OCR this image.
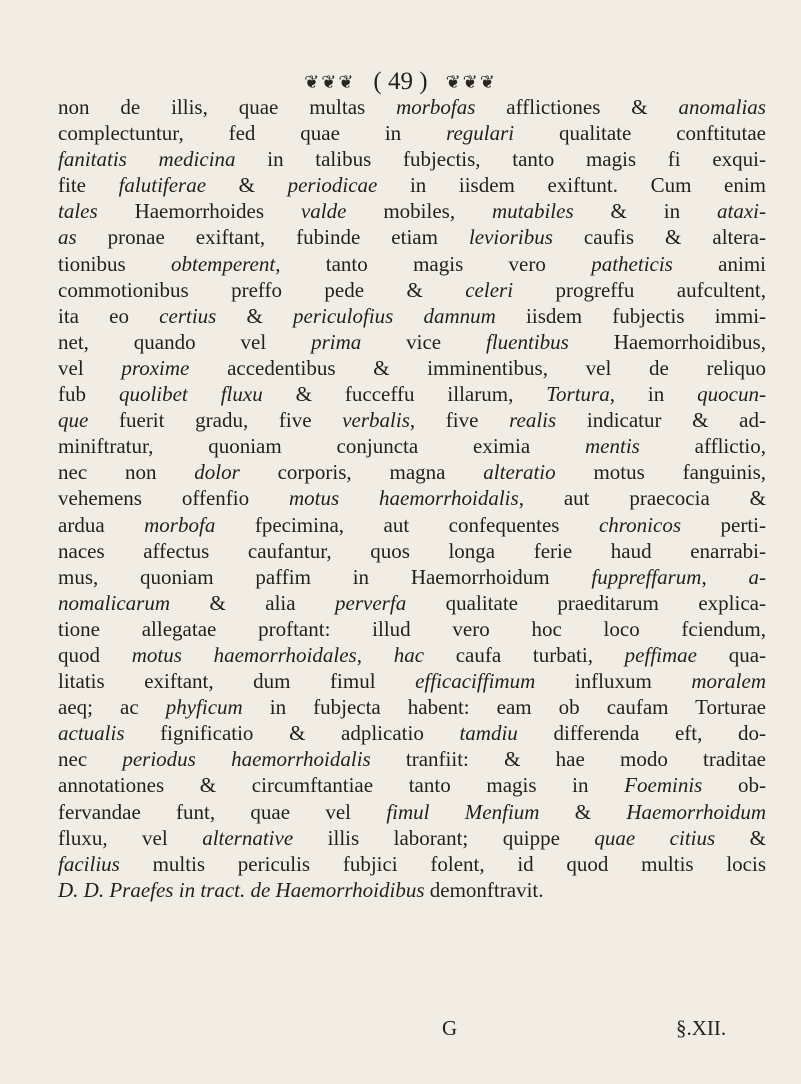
❦❦❦ ( 49 ) ❦❦❦
non de illis, quae multas morbofas afflictiones & anomalias
complectuntur, fed quae in regulari qualitate conftitutae
fanitatis medicina in talibus fubjectis, tanto magis fi exqui-
fite falutiferae & periodicae in iisdem exiftunt. Cum enim
tales Haemorrhoides valde mobiles, mutabiles & in ataxi-
as pronae exiftant, fubinde etiam levioribus caufis & altera-
tionibus obtemperent, tanto magis vero patheticis animi
commotionibus preffo pede & celeri progreffu aufcultent,
ita eo certius & periculofius damnum iisdem fubjectis immi-
net, quando vel prima vice fluentibus Haemorrhoidibus,
vel proxime accedentibus & imminentibus, vel de reliquo
fub quolibet fluxu & fucceffu illarum, Tortura, in quocun-
que fuerit gradu, five verbalis, five realis indicatur & ad-
miniftratur, quoniam conjuncta eximia mentis afflictio,
nec non dolor corporis, magna alteratio motus fanguinis,
vehemens offenfio motus haemorrhoidalis, aut praecocia &
ardua morbofa fpecimina, aut confequentes chronicos perti-
naces affectus caufantur, quos longa ferie haud enarrabi-
mus, quoniam paffim in Haemorrhoidum fuppreffarum, a-
nomalicarum & alia perverfa qualitate praeditarum explica-
tione allegatae proftant: illud vero hoc loco fciendum,
quod motus haemorrhoidales, hac caufa turbati, peffimae qua-
litatis exiftant, dum fimul efficaciffimum influxum moralem
aeq; ac phyficum in fubjecta habent: eam ob caufam Torturae
actualis fignificatio & adplicatio tamdiu differenda eft, do-
nec periodus haemorrhoidalis tranfiit: & hae modo traditae
annotationes & circumftantiae tanto magis in Foeminis ob-
fervandae funt, quae vel fimul Menfium & Haemorrhoidum
fluxu, vel alternative illis laborant; quippe quae citius &
facilius multis periculis fubjici folent, id quod multis locis
D. D. Praefes in tract. de Haemorrhoidibus demonftravit.
G	§.XII.
